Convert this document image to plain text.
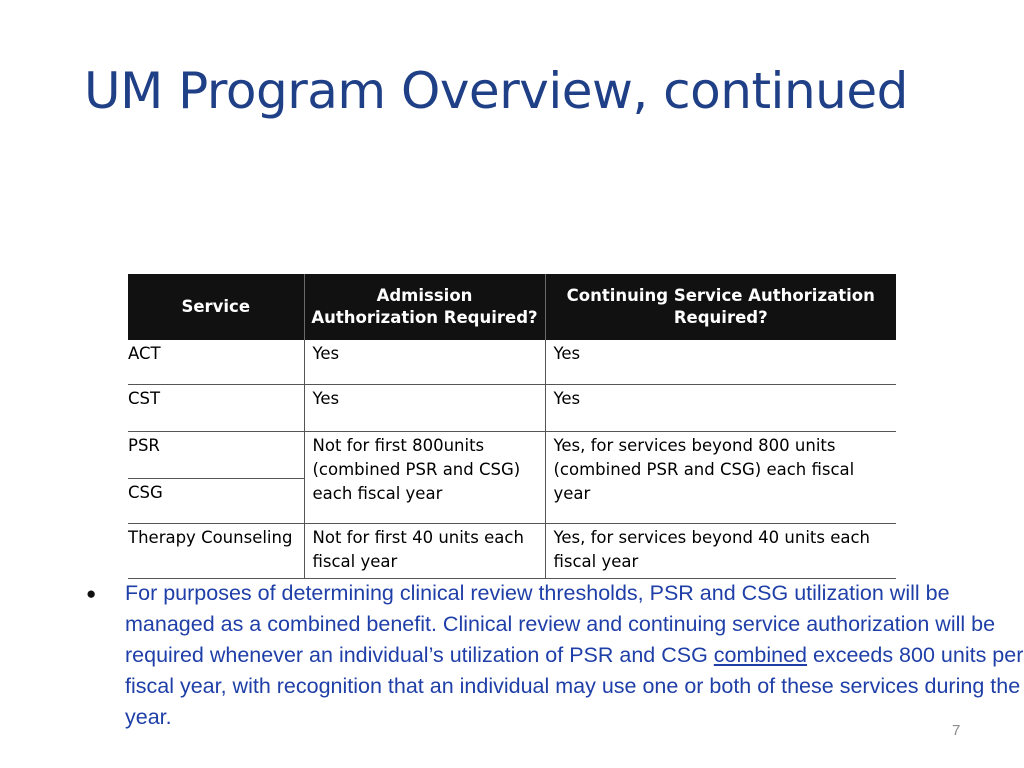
UM Program Overview, continued
Service	Admission Authorization Required?	Continuing Service Authorization Required?
ACT	Yes	Yes
CST	Yes	Yes
PSR	Not for first 800units (combined PSR and CSG) each fiscal year	Yes, for services beyond 800 units (combined PSR and CSG) each fiscal year
CSG		
Therapy Counseling	Not for first 40 units each fiscal year	Yes, for services beyond 40 units each fiscal year
● For purposes of determining clinical review thresholds, PSR and CSG utilization will be managed as a combined benefit. Clinical review and continuing service authorization will be required whenever an individual’s utilization of PSR and CSG combined exceeds 800 units per fiscal year, with recognition that an individual may use one or both of these services during the year.

7
